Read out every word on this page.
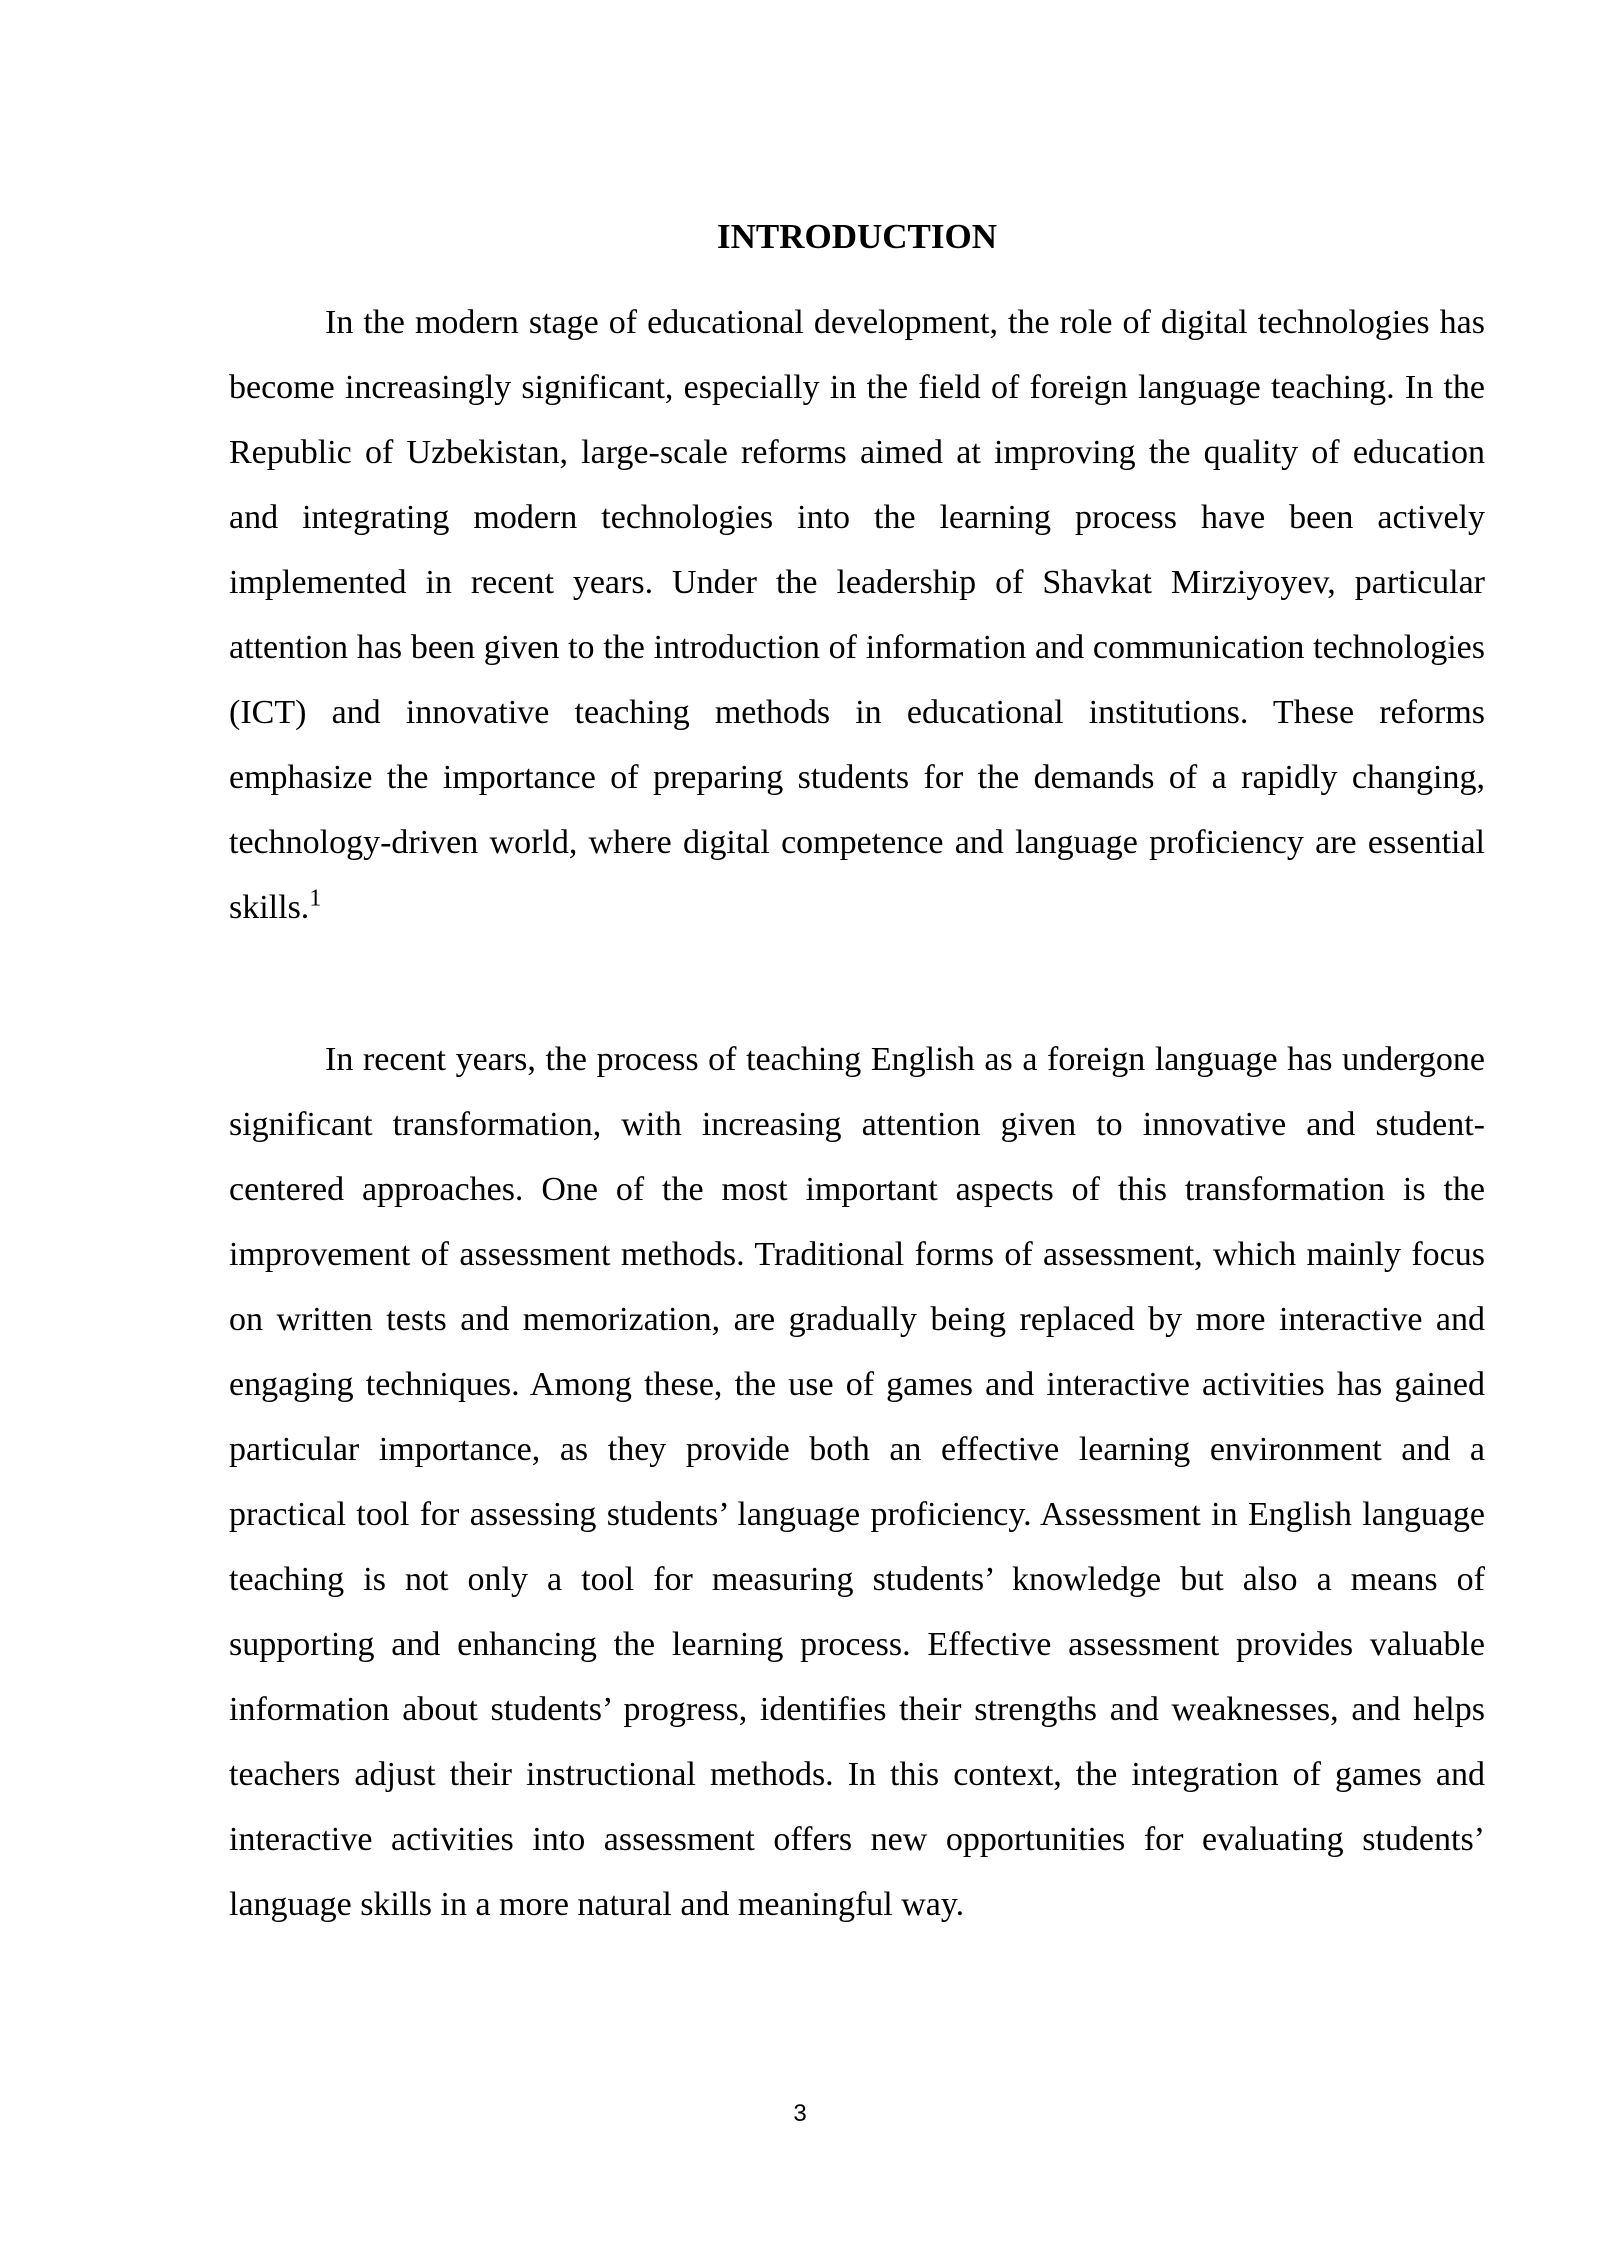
INTRODUCTION

In the modern stage of educational development, the role of digital technologies has become increasingly significant, especially in the field of foreign language teaching. In the Republic of Uzbekistan, large-scale reforms aimed at improving the quality of education and integrating modern technologies into the learning process have been actively implemented in recent years. Under the leadership of Shavkat Mirziyoyev, particular attention has been given to the introduction of information and communication technologies (ICT) and innovative teaching methods in educational institutions. These reforms emphasize the importance of preparing students for the demands of a rapidly changing, technology-driven world, where digital competence and language proficiency are essential skills.$^1$

In recent years, the process of teaching English as a foreign language has undergone significant transformation, with increasing attention given to innovative and student-centered approaches. One of the most important aspects of this transformation is the improvement of assessment methods. Traditional forms of assessment, which mainly focus on written tests and memorization, are gradually being replaced by more interactive and engaging techniques. Among these, the use of games and interactive activities has gained particular importance, as they provide both an effective learning environment and a practical tool for assessing students’ language proficiency. Assessment in English language teaching is not only a tool for measuring students’ knowledge but also a means of supporting and enhancing the learning process. Effective assessment provides valuable information about students’ progress, identifies their strengths and weaknesses, and helps teachers adjust their instructional methods. In this context, the integration of games and interactive activities into assessment offers new opportunities for evaluating students’ language skills in a more natural and meaningful way.

3
